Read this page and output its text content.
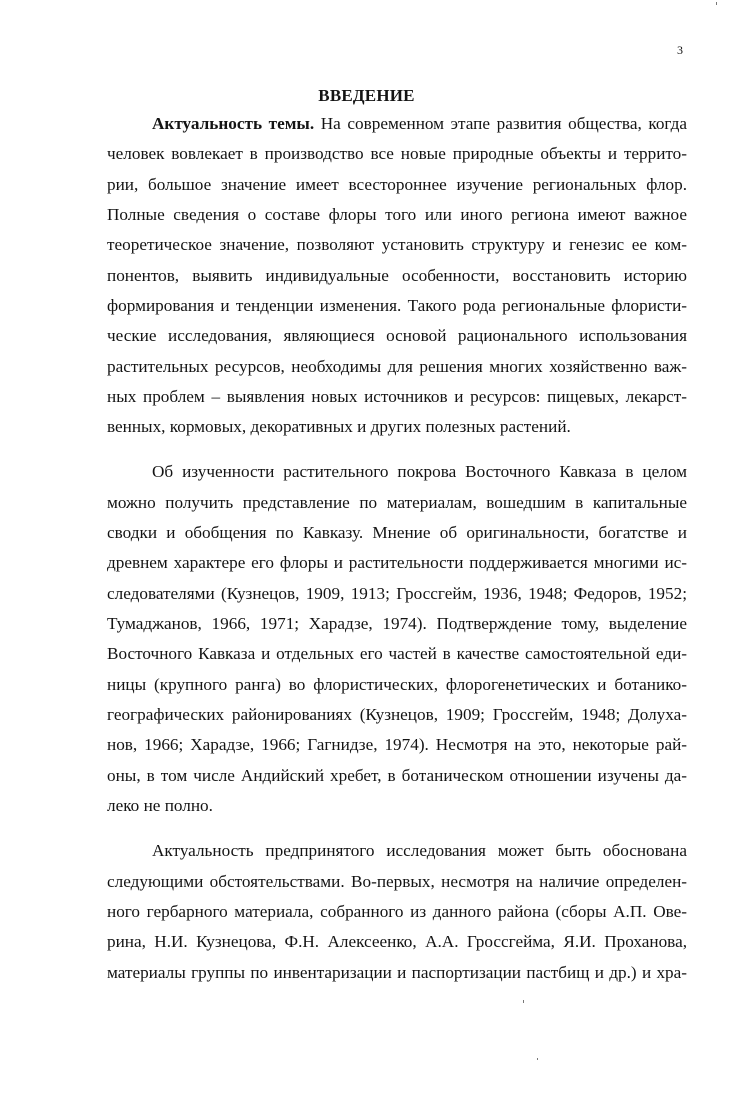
3
ВВЕДЕНИЕ
Актуальность темы. На современном этапе развития общества, когда
человек вовлекает в производство все новые природные объекты и террито-
рии, большое значение имеет всестороннее изучение региональных флор.
Полные сведения о составе флоры того или иного региона имеют важное
теоретическое значение, позволяют установить структуру и генезис ее ком-
понентов, выявить индивидуальные особенности, восстановить историю
формирования и тенденции изменения. Такого рода региональные флористи-
ческие исследования, являющиеся основой рационального использования
растительных ресурсов, необходимы для решения многих хозяйственно важ-
ных проблем – выявления новых источников и ресурсов: пищевых, лекарст-
венных, кормовых, декоративных и других полезных растений.
Об изученности растительного покрова Восточного Кавказа в целом
можно получить представление по материалам, вошедшим в капитальные
сводки и обобщения по Кавказу. Мнение об оригинальности, богатстве и
древнем характере его флоры и растительности поддерживается многими ис-
следователями (Кузнецов, 1909, 1913; Гроссгейм, 1936, 1948; Федоров, 1952;
Тумаджанов, 1966, 1971; Харадзе, 1974). Подтверждение тому, выделение
Восточного Кавказа и отдельных его частей в качестве самостоятельной еди-
ницы (крупного ранга) во флористических, флорогенетических и ботанико-
географических районированиях (Кузнецов, 1909; Гроссгейм, 1948; Долуха-
нов, 1966; Харадзе, 1966; Гагнидзе, 1974). Несмотря на это, некоторые рай-
оны, в том числе Андийский хребет, в ботаническом отношении изучены да-
леко не полно.
Актуальность предпринятого исследования может быть обоснована
следующими обстоятельствами. Во-первых, несмотря на наличие определен-
ного гербарного материала, собранного из данного района (сборы А.П. Ове-
рина, Н.И. Кузнецова, Ф.Н. Алексеенко, А.А. Гроссгейма, Я.И. Проханова,
материалы группы по инвентаризации и паспортизации пастбищ и др.) и хра-
